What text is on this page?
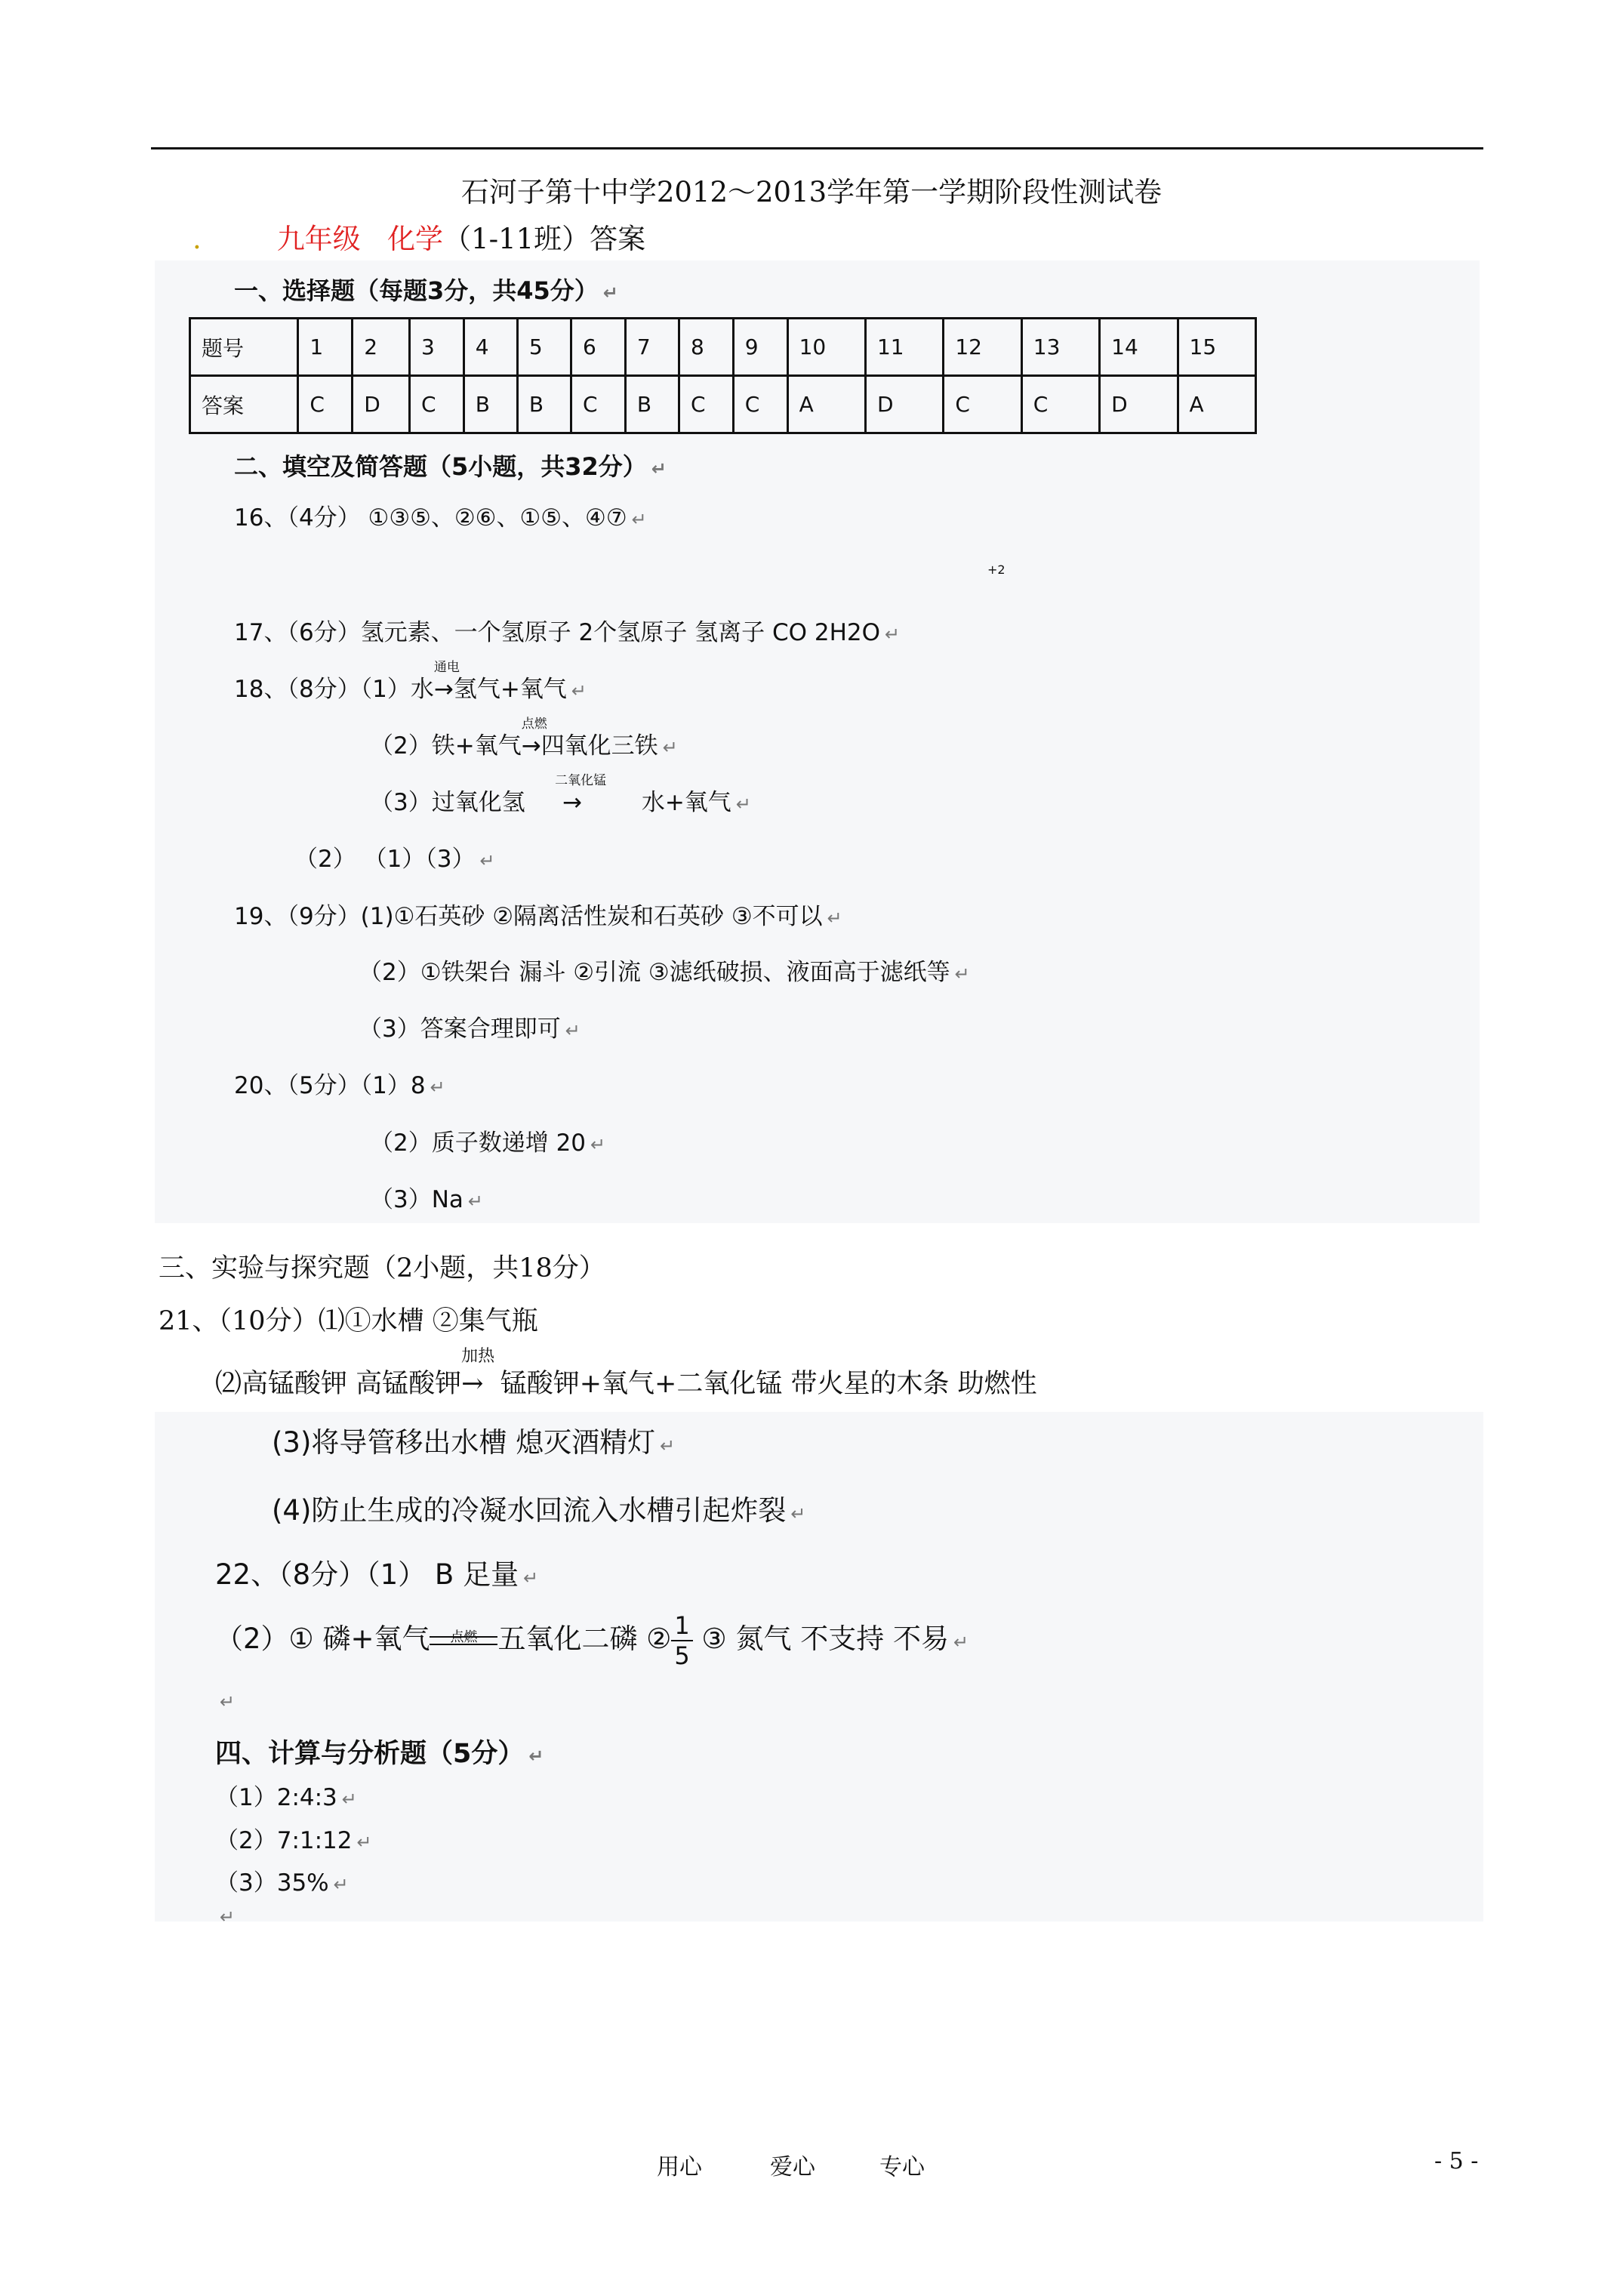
石河子第十中学2012～2013学年第一学期阶段性测试卷
.	九年级 化学（1-11班）答案
一、选择题（每题3分，共45分） ↵
题号	1	2	3	4	5	6	7	8	9	10	11	12	13	14	15
答案	C	D	C	B	B	C	B	C	C	A	D	C	C	D	A
二、填空及简答题（5小题，共32分） ↵
16、（4分） ①③⑤、②⑥、①⑤、④⑦ ↵
+2
17、（6分）氢元素、一个氢原子 2个氢原子 氢离子 CO 2H2O ↵
18、（8分）（1）水
通电
→氢气+氧气 ↵
（2）铁+氧气
点燃
→四氧化三铁 ↵
（3）过氧化氢
二氧化锰
→        水+氧气 ↵
（2） （1）（3） ↵
19、（9分）(1)①石英砂 ②隔离活性炭和石英砂 ③不可以 ↵
（2）①铁架台 漏斗 ②引流 ③滤纸破损、液面高于滤纸等 ↵
（3）答案合理即可 ↵
20、（5分）（1）8 ↵
（2）质子数递增 20 ↵
（3）Na ↵
三、实验与探究题（2小题，共18分）
21、（10分）⑴①水槽 ②集气瓶
⑵高锰酸钾 高锰酸钾
加热
→ 锰酸钾+氧气+二氧化锰 带火星的木条 助燃性
(3)将导管移出水槽 熄灭酒精灯 ↵
(4)防止生成的冷凝水回流入水槽引起炸裂 ↵
22、（8分）（1） B 足量 ↵
（2）① 磷+氧气	点燃 五氧化二磷 ② $\frac{1}{5}$ ③ 氮气 不支持 不易 ↵
↵
四、计算与分析题（5分） ↵
（1）2:4:3 ↵
（2）7:1:12 ↵
（3）35% ↵
↵
用心	爱心	专心	- 5 -
